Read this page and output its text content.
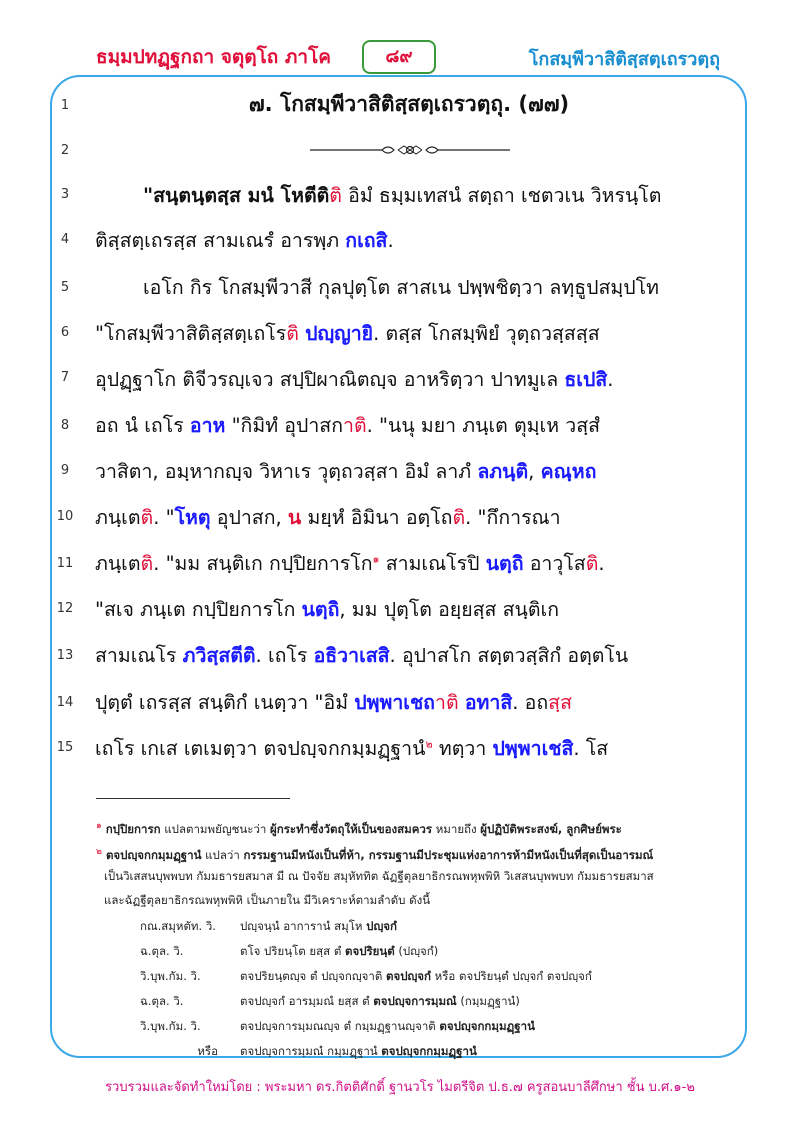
ธมฺมปทฏฺฐกถา จตุตฺโถ ภาโค	๘๙	โกสมฺพีวาสิติสฺสตฺเถรวตฺถุ
1
2
3
4
5
6
7
8
9
10
11
12
13
14
15
๗. โกสมฺพีวาสิติสฺสตฺเถรวตฺถุ. (๗๗)
"สนฺตนฺตสฺส มนํ โหตีติติ อิมํ ธมฺมเทสนํ สตฺถา เชตวเน วิหรนฺโต
ติสฺสตฺเถรสฺส สามเณรํ อารพฺภ กเถสิ.
เอโก กิร โกสมฺพีวาสี กุลปุตฺโต สาสเน ปพฺพชิตฺวา ลทฺธูปสมฺปโท
"โกสมฺพีวาสิติสฺสตฺเถโรติ ปญฺญายิ. ตสฺส โกสมฺพิยํ วุตฺถวสฺสสฺส
อุปฏฺฐาโก ติจีวรญฺเจว สปฺปิผาณิตญฺจ อาหริตฺวา ปาทมูเล ธเปสิ.
อถ นํ เถโร อาห "กิมิทํ อุปาสกาติ. "นนุ มยา ภนฺเต ตุมฺเห วสฺสํ
วาสิตา, อมฺหากญฺจ วิหาเร วุตฺถวสฺสา อิมํ ลาภํ ลภนฺติ, คณฺหถ
ภนฺเตติ. "โหตุ อุปาสก, น มยฺหํ อิมินา อตฺโถติ. "กึการณา
ภนฺเตติ. "มม สนฺติเก กปฺปิยการโก$^๑$ สามเณโรปิ นตฺถิ อาวุโสติ.
"สเจ ภนฺเต กปฺปิยการโก นตฺถิ, มม ปุตฺโต อยฺยสฺส สนฺติเก
สามเณโร ภวิสฺสตีติ. เถโร อธิวาเสสิ. อุปาสโก สตฺตวสฺสิกํ อตฺตโน
ปุตฺตํ เถรสฺส สนฺติกํ เนตฺวา "อิมํ ปพฺพาเชถาติ อทาสิ. อถสฺส
เถโร เกเส เตเมตฺวา ตจปญฺจกกมฺมฏฺฐานํ$^๒$ ทตฺวา ปพฺพาเชสิ. โส
$^๑$ กปฺปิยการก แปลตามพยัญชนะว่า ผู้กระทำซึ่งวัตถุให้เป็นของสมควร หมายถึง ผู้ปฏิบัติพระสงฆ์, ลูกศิษย์พระ
$^๒$ ตจปญฺจกกมฺมฏฺฐานํ แปลว่า กรรมฐานมีหนังเป็นที่ห้า, กรรมฐานมีประชุมแห่งอาการห้ามีหนังเป็นที่สุดเป็นอารมณ์
เป็นวิเสสนบุพพบท กัมมธารยสมาส มี ณ ปัจจัย สมุหัททิต ฉัฏฐีตุลยาธิกรณพหุพพิหิ วิเสสนบุพพบท กัมมธารยสมาส
และฉัฏฐีตุลยาธิกรณพหุพพิหิ เป็นภายใน มีวิเคราะห์ตามลำดับ ดังนี้
กณ.สมุหตัท. วิ. ปญฺจนฺนํ อาการานํ สมุโห ปญฺจกํ
ฉ.ตุล. วิ.	ตโจ ปริยนฺโต ยสฺส ตํ ตจปริยนฺตํ (ปญฺจกํ)
วิ.บุพ.กัม. วิ.	ตจปริยนฺตญฺจ ตํ ปญฺจกญฺจาติ ตจปญฺจกํ หรือ ตจปริยนฺตํ ปญฺจกํ ตจปญฺจกํ
ฉ.ตุล. วิ.	ตจปญฺจกํ อารมฺมณํ ยสฺส ตํ ตจปญฺจการมฺมณํ (กมฺมฏฺฐานํ)
วิ.บุพ.กัม. วิ.	ตจปญฺจการมฺมณญฺจ ตํ กมฺมฏฺฐานญฺจาติ ตจปญฺจกกมฺมฏฺฐานํ
หรือ ตจปญฺจการมฺมณํ กมฺมฏฺฐานํ ตจปญฺจกกมฺมฏฺฐานํ
รวบรวมและจัดทำใหม่โดย : พระมหา ดร.กิตติศักดิ์ ฐานวโร ไมตรีจิต ป.ธ.๗ ครูสอนบาลีศึกษา ชั้น บ.ศ.๑-๒
